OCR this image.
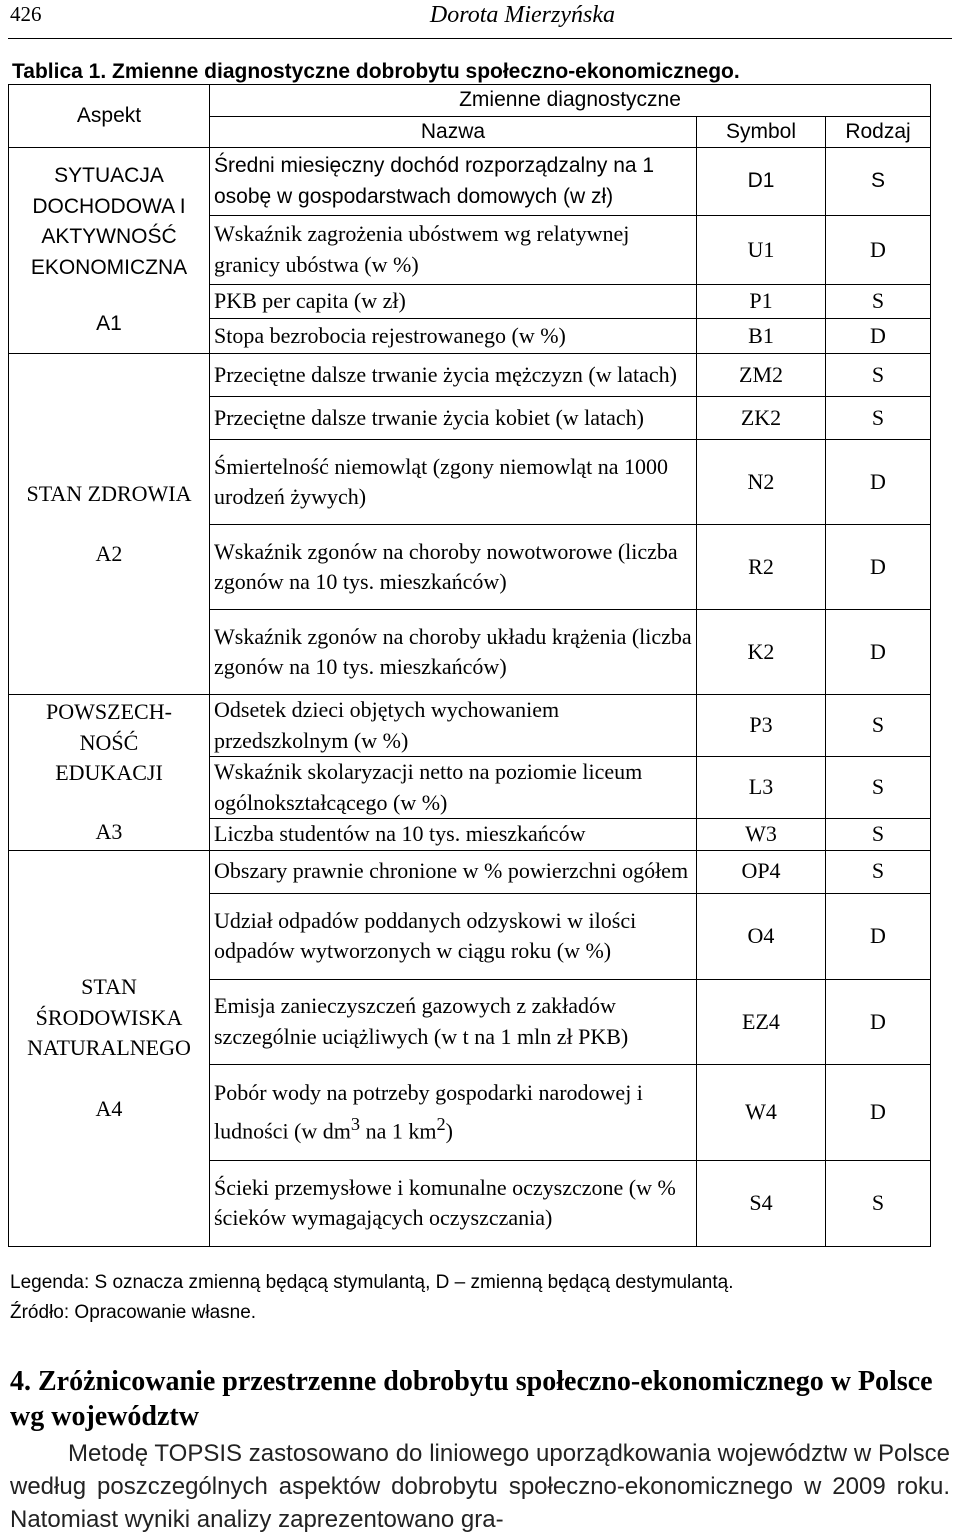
426	Dorota Mierzyńska
Tablica 1. Zmienne diagnostyczne dobrobytu społeczno-ekonomicznego.
Aspekt	Zmienne diagnostyczne		
	Nazwa	Symbol	Rodzaj

SYTUACJA DOCHODOWA I AKTYWNOŚĆ EKONOMICZNA
A1	Średni miesięczny dochód rozporządzalny na 1 osobę w gospodarstwach domowych (w zł)	D1	S
	Wskaźnik zagrożenia ubóstwem wg relatywnej granicy ubóstwa (w %)	U1	D
	PKB per capita (w zł)	P1	S
	Stopa bezrobocia rejestrowanego (w %)	B1	D

STAN ZDROWIA
A2	Przeciętne dalsze trwanie życia mężczyzn (w latach)	ZM2	S
	Przeciętne dalsze trwanie życia kobiet (w latach)	ZK2	S
	Śmiertelność niemowląt (zgony niemowląt na 1000 urodzeń żywych)	N2	D
	Wskaźnik zgonów na choroby nowotworowe (liczba zgonów na 10 tys. mieszkańców)	R2	D
	Wskaźnik zgonów na choroby układu krążenia (liczba zgonów na 10 tys. mieszkańców)	K2	D

POWSZECH-NOŚĆ EDUKACJI
A3	Odsetek dzieci objętych wychowaniem przedszkolnym (w %)	P3	S
	Wskaźnik skolaryzacji netto na poziomie liceum ogólnokształcącego (w %)	L3	S
	Liczba studentów na 10 tys. mieszkańców	W3	S

STAN ŚRODOWISKA NATURALNEGO
A4	Obszary prawnie chronione w % powierzchni ogółem	OP4	S
	Udział odpadów poddanych odzyskowi w ilości odpadów wytworzonych w ciągu roku (w %)	O4	D
	Emisja zanieczyszczeń gazowych z zakładów szczególnie uciążliwych (w t na 1 mln zł PKB)	EZ4	D
	Pobór wody na potrzeby gospodarki narodowej i ludności (w $dm^3$ na 1 $km^2$)	W4	D
	Ścieki przemysłowe i komunalne oczyszczone (w % ścieków wymagających oczyszczania)	S4	S
Legenda: S oznacza zmienną będącą stymulantą, D – zmienną będącą destymulantą.
Źródło: Opracowanie własne.
4. Zróżnicowanie przestrzenne dobrobytu społeczno-ekonomicznego w Polsce wg województw
Metodę TOPSIS zastosowano do liniowego uporządkowania województw w Polsce według poszczególnych aspektów dobrobytu społeczno-ekonomicznego w 2009 roku. Natomiast wyniki analizy zaprezentowano gra-
